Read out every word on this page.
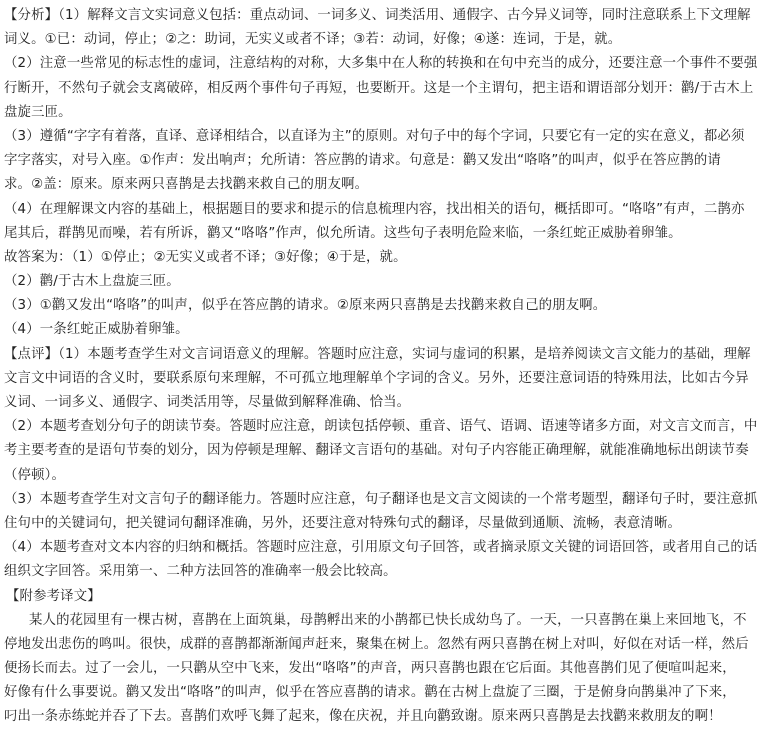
【分析】（1）解释文言文实词意义包括：重点动词、一词多义、词类活用、通假字、古今异义词等，同时注意联系上下文理解

词义。①已：动词，停止；②之：助词，无实义或者不译；③若：动词，好像；④遂：连词，于是，就。

（2）注意一些常见的标志性的虚词，注意结构的对称，大多集中在人称的转换和在句中充当的成分，还要注意一个事件不要强

行断开，不然句子就会支离破碎，相反两个事件句子再短，也要断开。这是一个主谓句，把主语和谓语部分划开：鹳/于古木上

盘旋三匝。

（3）遵循“字字有着落，直译、意译相结合，以直译为主”的原则。对句子中的每个字词，只要它有一定的实在意义，都必须

字字落实，对号入座。①作声：发出响声；允所请：答应鹊的请求。句意是：鹳又发出“咯咯”的叫声，似乎在答应鹊的请

求。②盖：原来。原来两只喜鹊是去找鹳来救自己的朋友啊。

（4）在理解课文内容的基础上，根据题目的要求和提示的信息梳理内容，找出相关的语句，概括即可。“咯咯”有声，二鹊亦

尾其后，群鹊见而噪，若有所诉，鹳又“咯咯”作声，似允所请。这些句子表明危险来临，一条红蛇正威胁着卵雏。

故答案为：（1）①停止；②无实义或者不译；③好像；④于是，就。

（2）鹳/于古木上盘旋三匝。

（3）①鹳又发出“咯咯”的叫声，似乎在答应鹊的请求。②原来两只喜鹊是去找鹳来救自己的朋友啊。

（4）一条红蛇正威胁着卵雏。

【点评】（1）本题考查学生对文言词语意义的理解。答题时应注意，实词与虚词的积累，是培养阅读文言文能力的基础，理解

文言文中词语的含义时，要联系原句来理解，不可孤立地理解单个字词的含义。另外，还要注意词语的特殊用法，比如古今异

义词、一词多义、通假字、词类活用等，尽量做到解释准确、恰当。

（2）本题考查划分句子的朗读节奏。答题时应注意，朗读包括停顿、重音、语气、语调、语速等诸多方面，对文言文而言，中

考主要考查的是语句节奏的划分，因为停顿是理解、翻译文言语句的基础。对句子内容能正确理解，就能准确地标出朗读节奏

（停顿）。

（3）本题考查学生对文言句子的翻译能力。答题时应注意，句子翻译也是文言文阅读的一个常考题型，翻译句子时，要注意抓

住句中的关键词句，把关键词句翻译准确，另外，还要注意对特殊句式的翻译，尽量做到通顺、流畅，表意清晰。

（4）本题考查对文本内容的归纳和概括。答题时应注意，引用原文句子回答，或者摘录原文关键的词语回答，或者用自己的话

组织文字回答。采用第一、二种方法回答的准确率一般会比较高。

【附参考译文】

某人的花园里有一棵古树，喜鹊在上面筑巢，母鹊孵出来的小鹊都已快长成幼鸟了。一天，一只喜鹊在巢上来回地飞，不

停地发出悲伤的鸣叫。很快，成群的喜鹊都渐渐闻声赶来，聚集在树上。忽然有两只喜鹊在树上对叫，好似在对话一样，然后

便扬长而去。过了一会儿，一只鹳从空中飞来，发出“咯咯”的声音，两只喜鹊也跟在它后面。其他喜鹊们见了便喧叫起来，

好像有什么事要说。鹳又发出“咯咯”的叫声，似乎在答应喜鹊的请求。鹳在古树上盘旋了三圈，于是俯身向鹊巢冲了下来，

叼出一条赤练蛇并吞了下去。喜鹊们欢呼飞舞了起来，像在庆祝，并且向鹳致谢。原来两只喜鹊是去找鹳来救朋友的啊！
